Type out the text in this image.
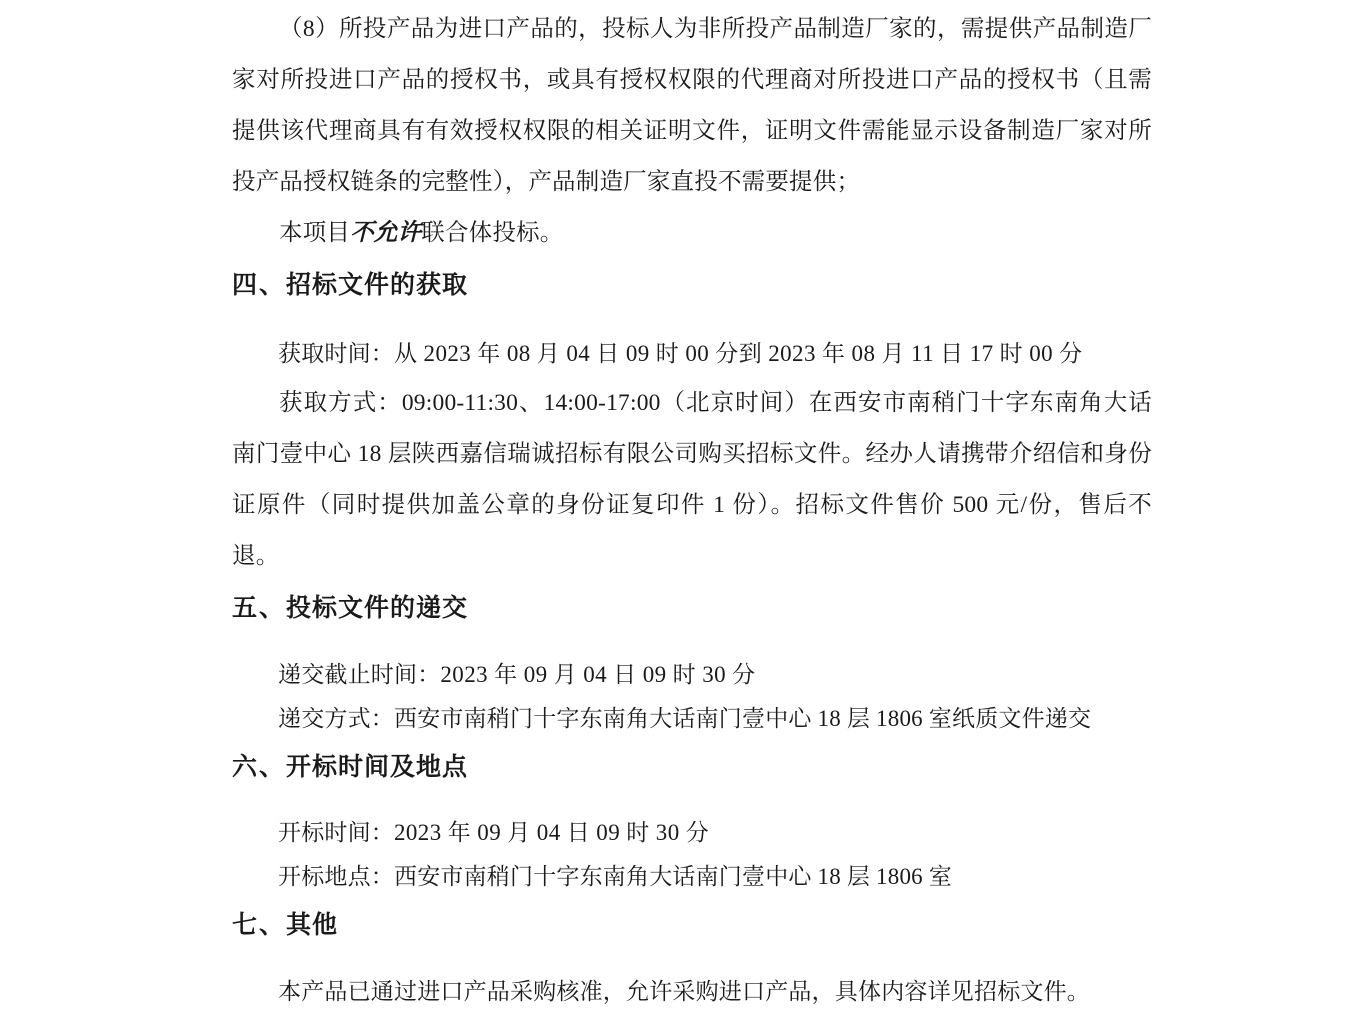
（8）所投产品为进口产品的，投标人为非所投产品制造厂家的，需提供产品制造厂家对所投进口产品的授权书，或具有授权权限的代理商对所投进口产品的授权书（且需提供该代理商具有有效授权权限的相关证明文件，证明文件需能显示设备制造厂家对所投产品授权链条的完整性），产品制造厂家直投不需要提供；

本项目不允许联合体投标。

四、招标文件的获取

获取时间：从 2023 年 08 月 04 日 09 时 00 分到 2023 年 08 月 11 日 17 时 00 分

获取方式：09:00-11:30、14:00-17:00（北京时间）在西安市南稍门十字东南角大话南门壹中心 18 层陕西嘉信瑞诚招标有限公司购买招标文件。经办人请携带介绍信和身份证原件（同时提供加盖公章的身份证复印件 1 份）。招标文件售价 500 元/份，售后不退。

五、投标文件的递交

递交截止时间：2023 年 09 月 04 日 09 时 30 分

递交方式：西安市南稍门十字东南角大话南门壹中心 18 层 1806 室纸质文件递交

六、开标时间及地点

开标时间：2023 年 09 月 04 日 09 时 30 分

开标地点：西安市南稍门十字东南角大话南门壹中心 18 层 1806 室

七、其他

本产品已通过进口产品采购核准，允许采购进口产品，具体内容详见招标文件。
